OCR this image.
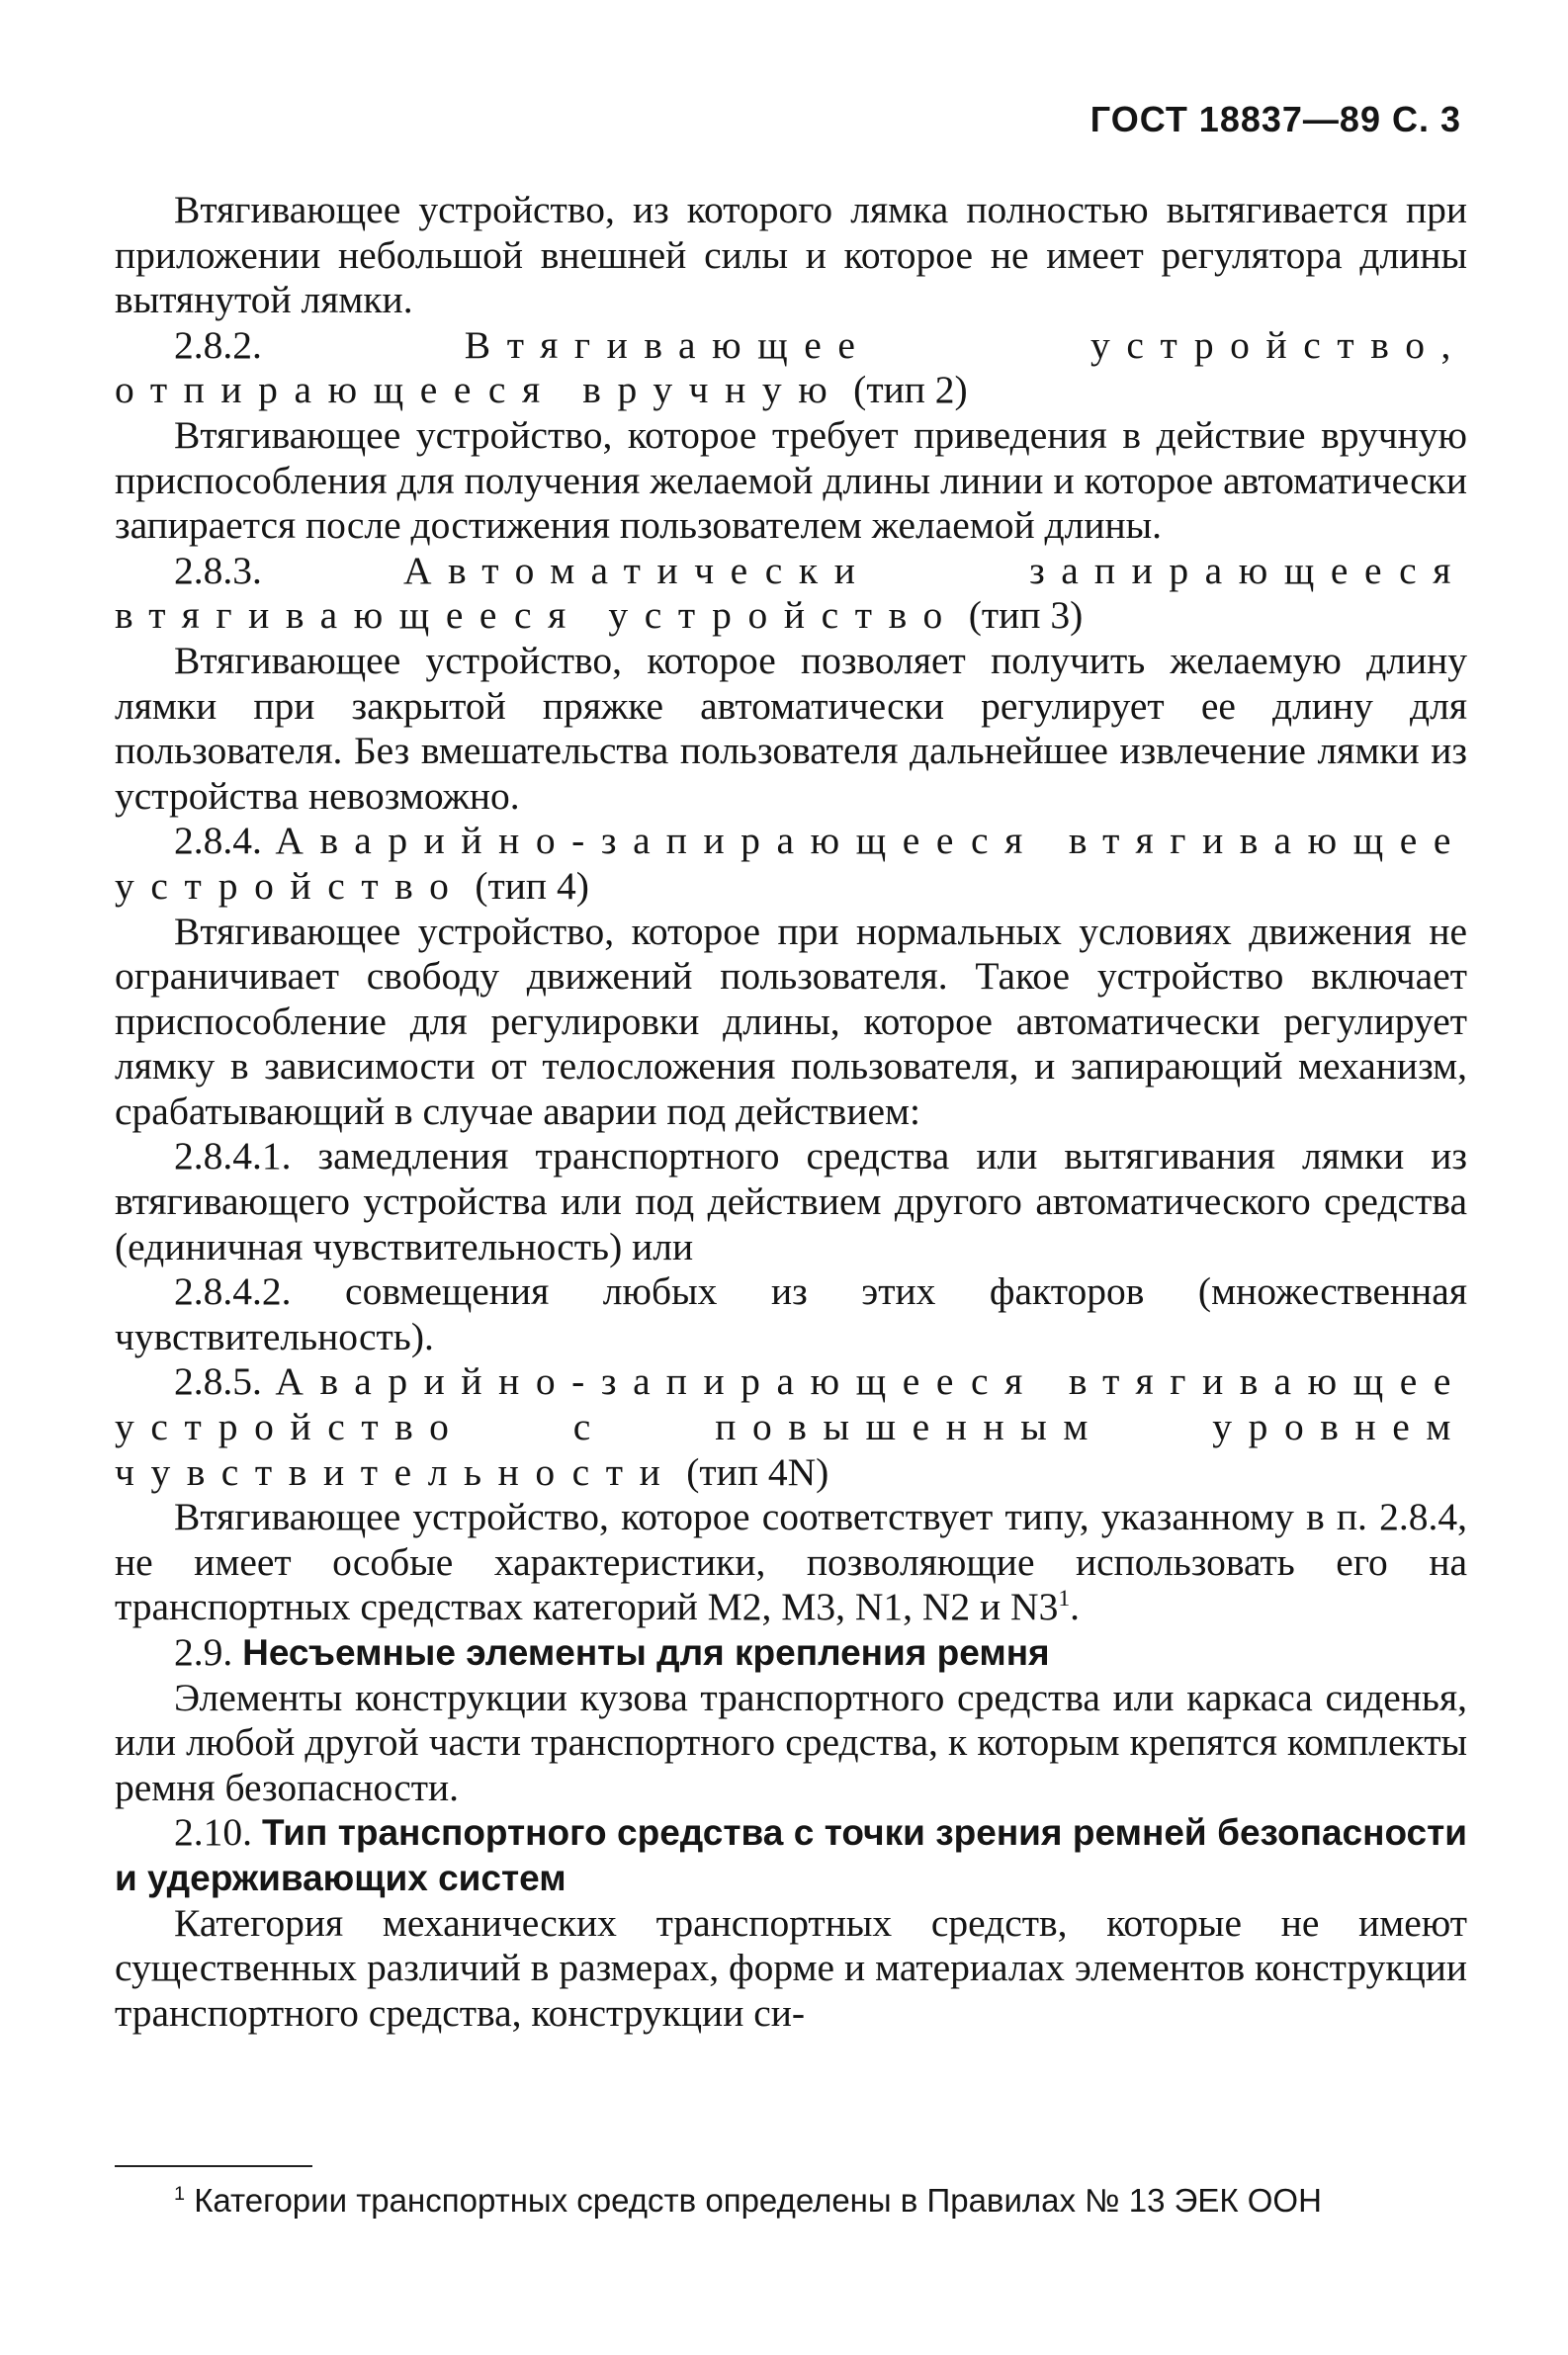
ГОСТ 18837—89 С. 3

Втягивающее устройство, из которого лямка полностью вытягивается при приложении небольшой внешней силы и которое не имеет регулятора длины вытянутой лямки.

2.8.2.	Втягивающее устройство, отпирающееся вручную (тип 2)

Втягивающее устройство, которое требует приведения в действие вручную приспособления для получения желаемой длины линии и которое автоматически запирается после достижения пользователем желаемой длины.

2.8.3.	Автоматически запирающееся втягивающееся устройство (тип 3)

Втягивающее устройство, которое позволяет получить желаемую длину лямки при закрытой пряжке автоматически регулирует ее длину для пользователя. Без вмешательства пользователя дальнейшее извлечение лямки из устройства невозможно.

2.8.4. Аварийно-запирающееся втягивающее устройство (тип 4)

Втягивающее устройство, которое при нормальных условиях движения не ограничивает свободу движений пользователя. Такое устройство включает приспособление для регулировки длины, которое автоматически регулирует лямку в зависимости от телосложения пользователя, и запирающий механизм, срабатывающий в случае аварии под действием:

2.8.4.1. замедления транспортного средства или вытягивания лямки из втягивающего устройства или под действием другого автоматического средства (единичная чувствительность) или

2.8.4.2. совмещения любых из этих факторов (множественная чувствительность).

2.8.5. Аварийно-запирающееся втягивающее устройство с повышенным уровнем чувствительности (тип 4N)

Втягивающее устройство, которое соответствует типу, указанному в п. 2.8.4, не имеет особые характеристики, позволяющие использовать его на транспортных средствах категорий М2, М3, N1, N2 и $N3^1$.

2.9. Несъемные элементы для крепления ремня

Элементы конструкции кузова транспортного средства или каркаса сиденья, или любой другой части транспортного средства, к которым крепятся комплекты ремня безопасности.

2.10. Тип транспортного средства с точки зрения ремней безопасности и удерживающих систем

Категория механических транспортных средств, которые не имеют существенных различий в размерах, форме и материалах элементов конструкции транспортного средства, конструкции си-

$^1$ Категории транспортных средств определены в Правилах № 13 ЭЕК ООН
